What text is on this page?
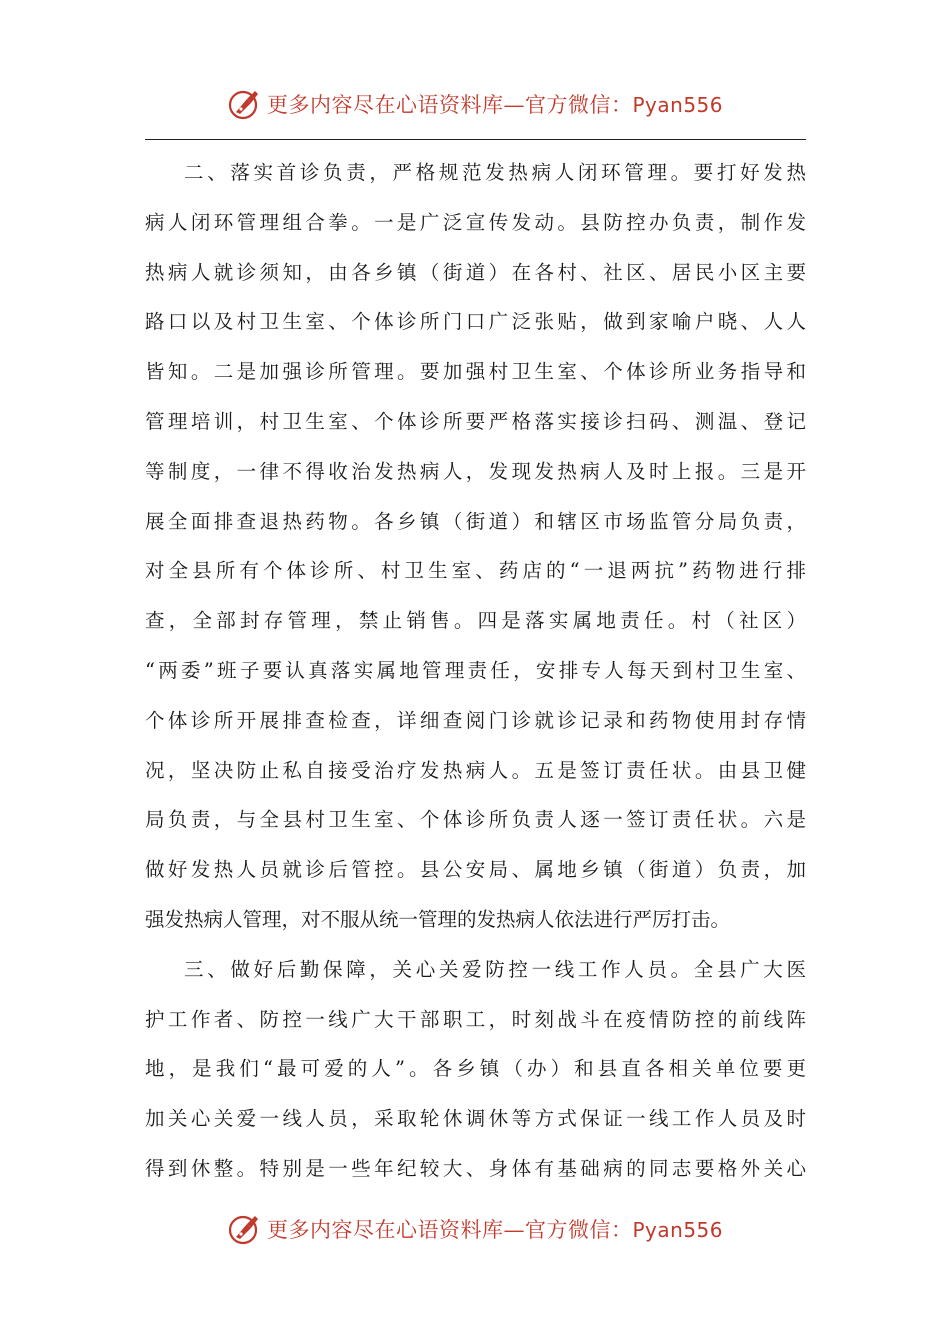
更多内容尽在心语资料库—官方微信：Pyan556
二、落实首诊负责，严格规范发热病人闭环管理。要打好发热
病人闭环管理组合拳。一是广泛宣传发动。县防控办负责，制作发
热病人就诊须知，由各乡镇（街道）在各村、社区、居民小区主要
路口以及村卫生室、个体诊所门口广泛张贴，做到家喻户晓、人人
皆知。二是加强诊所管理。要加强村卫生室、个体诊所业务指导和
管理培训，村卫生室、个体诊所要严格落实接诊扫码、测温、登记
等制度，一律不得收治发热病人，发现发热病人及时上报。三是开
展全面排查退热药物。各乡镇（街道）和辖区市场监管分局负责，
对全县所有个体诊所、村卫生室、药店的“一退两抗”药物进行排
查，全部封存管理，禁止销售。四是落实属地责任。村（社区）
“两委”班子要认真落实属地管理责任，安排专人每天到村卫生室、
个体诊所开展排查检查，详细查阅门诊就诊记录和药物使用封存情
况，坚决防止私自接受治疗发热病人。五是签订责任状。由县卫健
局负责，与全县村卫生室、个体诊所负责人逐一签订责任状。六是
做好发热人员就诊后管控。县公安局、属地乡镇（街道）负责，加
强发热病人管理，对不服从统一管理的发热病人依法进行严厉打击。
三、做好后勤保障，关心关爱防控一线工作人员。全县广大医
护工作者、防控一线广大干部职工，时刻战斗在疫情防控的前线阵
地，是我们“最可爱的人”。各乡镇（办）和县直各相关单位要更
加关心关爱一线人员，采取轮休调休等方式保证一线工作人员及时
得到休整。特别是一些年纪较大、身体有基础病的同志要格外关心
更多内容尽在心语资料库—官方微信：Pyan556
